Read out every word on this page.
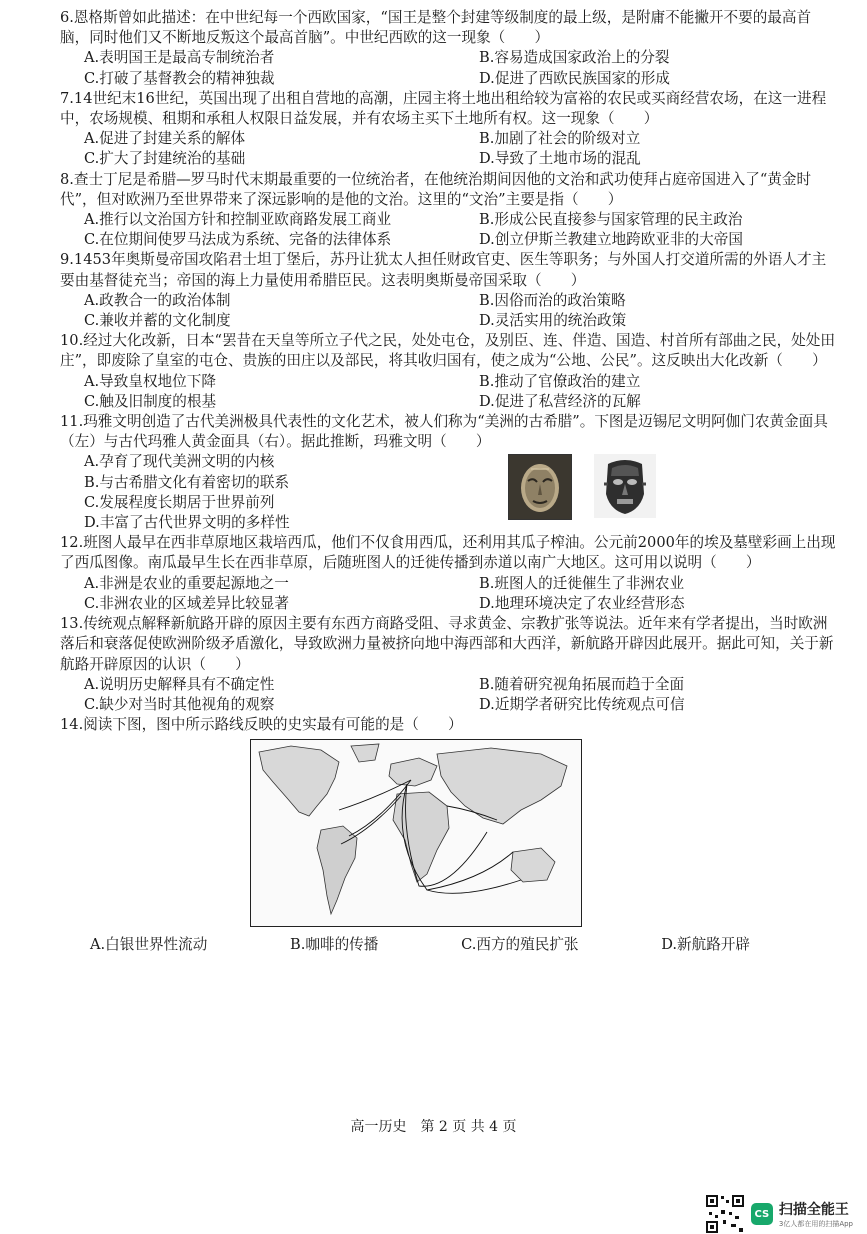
6.恩格斯曾如此描述：在中世纪每一个西欧国家，“国王是整个封建等级制度的最上级，是附庸不能撇开不要的最高首脑，同时他们又不断地反叛这个最高首脑”。中世纪西欧的这一现象（　　）

A.表明国王是最高专制统治者	B.容易造成国家政治上的分裂
C.打破了基督教会的精神独裁	D.促进了西欧民族国家的形成

7.14世纪末16世纪，英国出现了出租自营地的高潮，庄园主将土地出租给较为富裕的农民或买商经营农场，在这一进程中，农场规模、租期和承租人权限日益发展，并有农场主买下土地所有权。这一现象（　　）

A.促进了封建关系的解体	B.加剧了社会的阶级对立
C.扩大了封建统治的基础	D.导致了土地市场的混乱

8.查士丁尼是希腊—罗马时代末期最重要的一位统治者，在他统治期间因他的文治和武功使拜占庭帝国进入了“黄金时代”，但对欧洲乃至世界带来了深远影响的是他的文治。这里的“文治”主要是指（　　）

A.推行以文治国方针和控制亚欧商路发展工商业	B.形成公民直接参与国家管理的民主政治
C.在位期间使罗马法成为系统、完备的法律体系	D.创立伊斯兰教建立地跨欧亚非的大帝国

9.1453年奥斯曼帝国攻陷君士坦丁堡后，苏丹让犹太人担任财政官吏、医生等职务；与外国人打交道所需的外语人才主要由基督徒充当；帝国的海上力量使用希腊臣民。这表明奥斯曼帝国采取（　　）

A.政教合一的政治体制	B.因俗而治的政治策略
C.兼收并蓄的文化制度	D.灵活实用的统治政策

10.经过大化改新，日本“罢昔在天皇等所立子代之民，处处屯仓，及别臣、连、伴造、国造、村首所有部曲之民，处处田庄”，即废除了皇室的屯仓、贵族的田庄以及部民，将其收归国有，使之成为“公地、公民”。这反映出大化改新（　　）

A.导致皇权地位下降	B.推动了官僚政治的建立
C.触及旧制度的根基	D.促进了私营经济的瓦解

11.玛雅文明创造了古代美洲极具代表性的文化艺术，被人们称为“美洲的古希腊”。下图是迈锡尼文明阿伽门农黄金面具（左）与古代玛雅人黄金面具（右）。据此推断，玛雅文明（　　）

A.孕育了现代美洲文明的内核
B.与古希腊文化有着密切的联系
C.发展程度长期居于世界前列
D.丰富了古代世界文明的多样性

12.班图人最早在西非草原地区栽培西瓜，他们不仅食用西瓜，还利用其瓜子榨油。公元前2000年的埃及墓壁彩画上出现了西瓜图像。南瓜最早生长在西非草原，后随班图人的迁徙传播到赤道以南广大地区。这可用以说明（　　）

A.非洲是农业的重要起源地之一	B.班图人的迁徙催生了非洲农业
C.非洲农业的区域差异比较显著	D.地理环境决定了农业经营形态

13.传统观点解释新航路开辟的原因主要有东西方商路受阻、寻求黄金、宗教扩张等说法。近年来有学者提出，当时欧洲落后和衰落促使欧洲阶级矛盾激化，导致欧洲力量被挤向地中海西部和大西洋，新航路开辟因此展开。据此可知，关于新航路开辟原因的认识（　　）

A.说明历史解释具有不确定性	B.随着研究视角拓展而趋于全面
C.缺少对当时其他视角的观察	D.近期学者研究比传统观点可信

14.阅读下图，图中所示路线反映的史实最有可能的是（　　）

A.白银世界性流动	B.咖啡的传播	C.西方的殖民扩张	D.新航路开辟
高一历史　第 2 页 共 4 页
CS 扫描全能王
3亿人都在用的扫描App
